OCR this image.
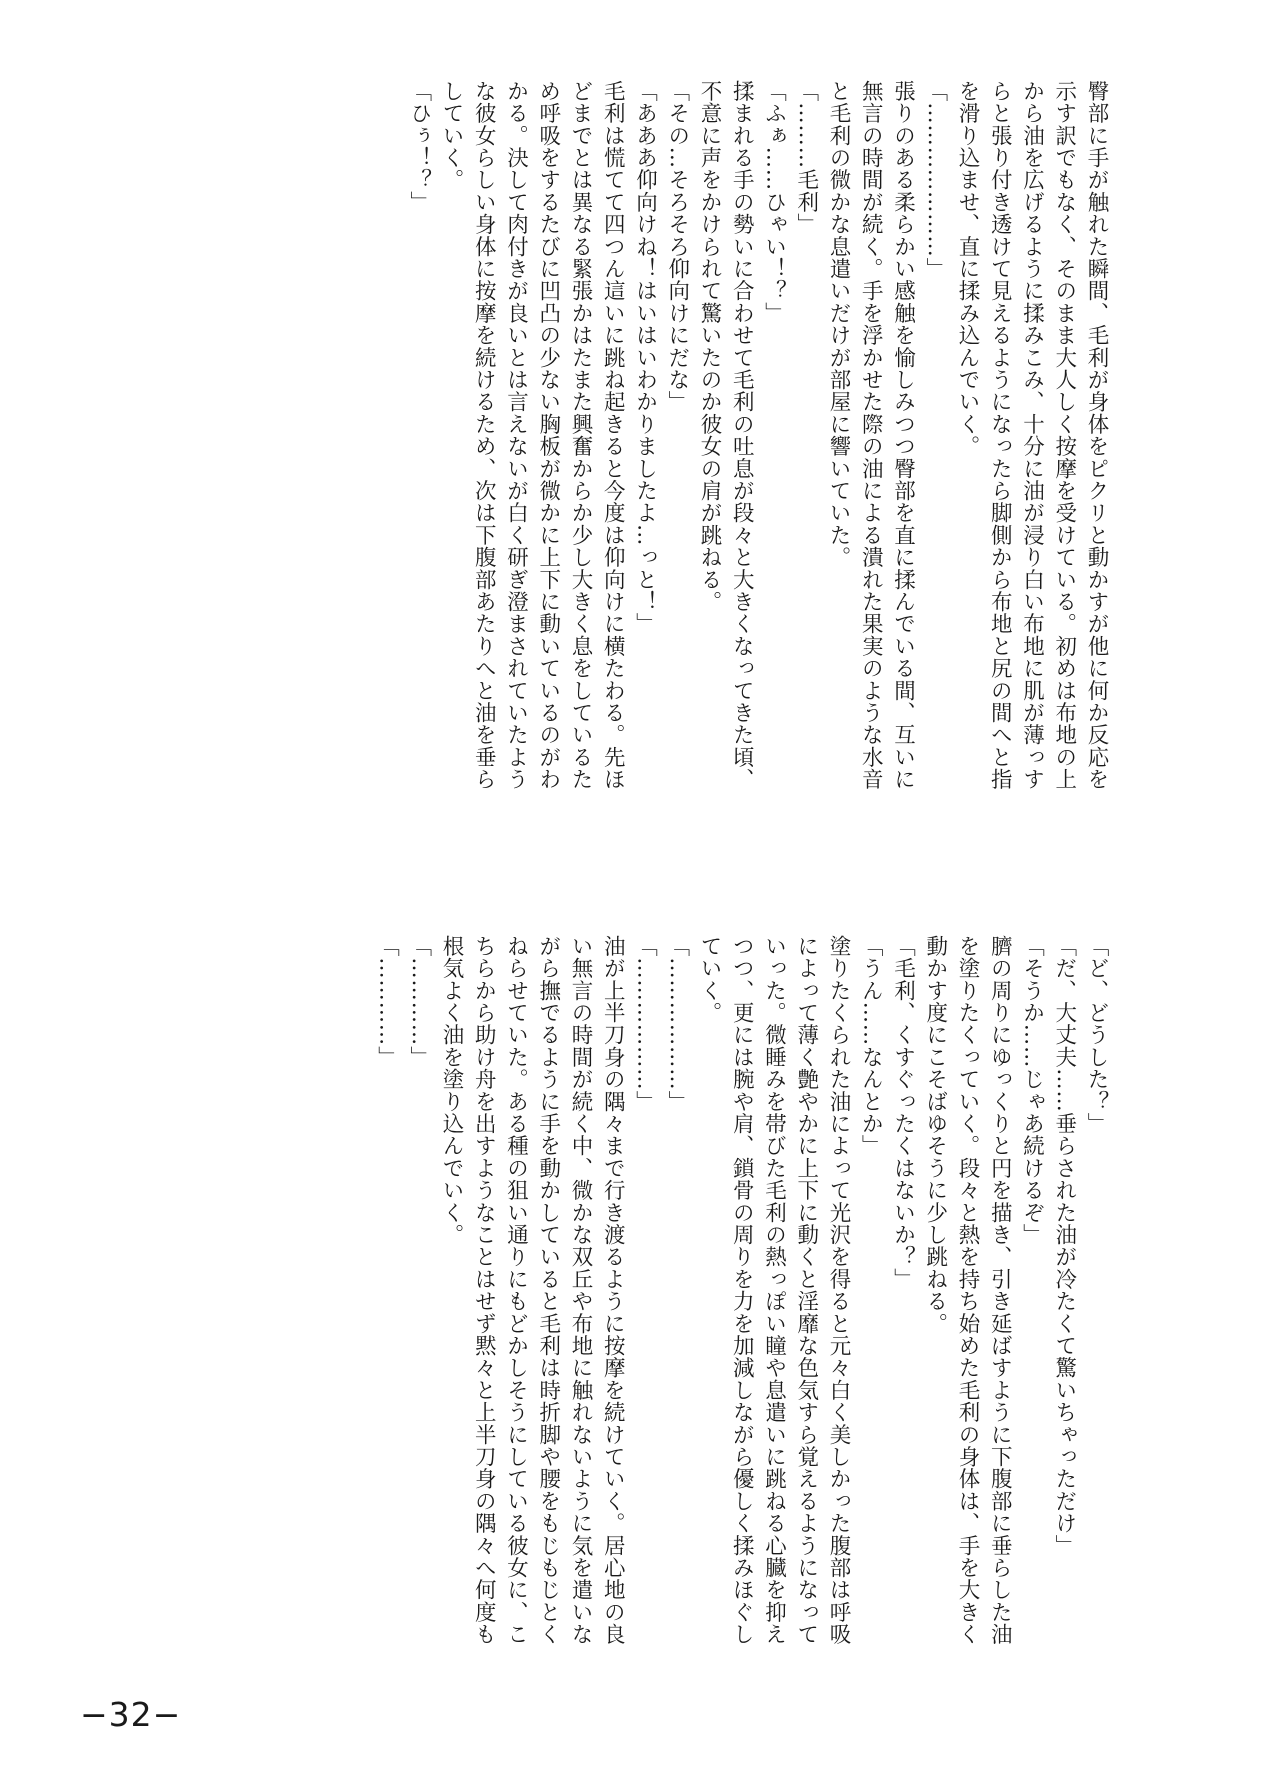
臀部に手が触れた瞬間、毛利が身体をピクリと動かすが他に何か反応を
示す訳でもなく、そのまま大人しく按摩を受けている。初めは布地の上
から油を広げるように揉みこみ、十分に油が浸り白い布地に肌が薄っす
らと張り付き透けて見えるようになったら脚側から布地と尻の間へと指
を滑り込ませ、直に揉み込んでいく。
「…………………」
張りのある柔らかい感触を愉しみつつ臀部を直に揉んでいる間、互いに
無言の時間が続く。手を浮かせた際の油による潰れた果実のような水音
と毛利の微かな息遣いだけが部屋に響いていた。
「………毛利」
「ふぁ……ひゃい！？」
揉まれる手の勢いに合わせて毛利の吐息が段々と大きくなってきた頃、
不意に声をかけられて驚いたのか彼女の肩が跳ねる。
「その…そろそろ仰向けにだな」
「あああ仰向けね！はいはいわかりましたよ…っと！」
毛利は慌てて四つん這いに跳ね起きると今度は仰向けに横たわる。先ほ
どまでとは異なる緊張かはたまた興奮からか少し大きく息をしているた
め呼吸をするたびに凹凸の少ない胸板が微かに上下に動いているのがわ
かる。決して肉付きが良いとは言えないが白く研ぎ澄まされていたよう
な彼女らしい身体に按摩を続けるため、次は下腹部あたりへと油を垂ら
していく。
「ひぅ！？」
「ど、どうした？」
「だ、大丈夫……垂らされた油が冷たくて驚いちゃっただけ」
「そうか……じゃあ続けるぞ」
臍の周りにゆっくりと円を描き、引き延ばすように下腹部に垂らした油
を塗りたくっていく。段々と熱を持ち始めた毛利の身体は、手を大きく
動かす度にこそばゆそうに少し跳ねる。
「毛利、くすぐったくはないか？」
「うん……なんとか」
塗りたくられた油によって光沢を得ると元々白く美しかった腹部は呼吸
によって薄く艶やかに上下に動くと淫靡な色気すら覚えるようになって
いった。微睡みを帯びた毛利の熱っぽい瞳や息遣いに跳ねる心臓を抑え
つつ、更には腕や肩、鎖骨の周りを力を加減しながら優しく揉みほぐし
ていく。
「………………」
「………………」
油が上半刀身の隅々まで行き渡るように按摩を続けていく。居心地の良
い無言の時間が続く中、微かな双丘や布地に触れないように気を遣いな
がら撫でるように手を動かしていると毛利は時折脚や腰をもじもじとく
ねらせていた。ある種の狙い通りにもどかしそうにしている彼女に、こ
ちらから助け舟を出すようなことはせず黙々と上半刀身の隅々へ何度も
根気よく油を塗り込んでいく。
「…………」
「…………」
−32−
